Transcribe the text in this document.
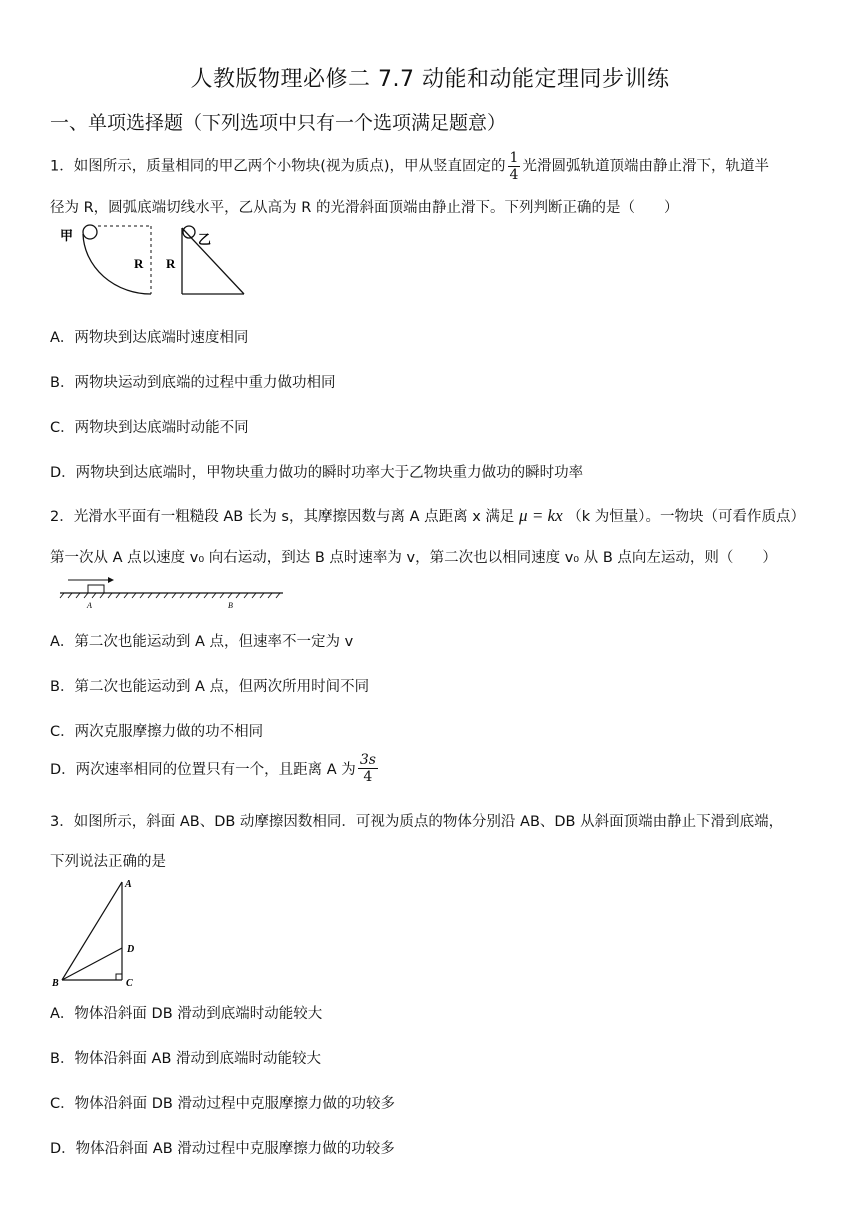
人教版物理必修二 7.7 动能和动能定理同步训练
一、单项选择题（下列选项中只有一个选项满足题意）
1．如图所示，质量相同的甲乙两个小物块(视为质点)，甲从竖直固定的 $\frac{1}{4}$ 光滑圆弧轨道顶端由静止滑下，轨道半
径为 R，圆弧底端切线水平，乙从高为 R 的光滑斜面顶端由静止滑下。下列判断正确的是（　　）
甲
R R
乙
A．两物块到达底端时速度相同
B．两物块运动到底端的过程中重力做功相同
C．两物块到达底端时动能不同
D．两物块到达底端时，甲物块重力做功的瞬时功率大于乙物块重力做功的瞬时功率
2．光滑水平面有一粗糙段 AB 长为 s，其摩擦因数与离 A 点距离 x 满足 μ = kx （k 为恒量）。一物块（可看作质点）
第一次从 A 点以速度 v₀ 向右运动，到达 B 点时速率为 v，第二次也以相同速度 v₀ 从 B 点向左运动，则（　　）
A	B
A．第二次也能运动到 A 点，但速率不一定为 v
B．第二次也能运动到 A 点，但两次所用时间不同
C．两次克服摩擦力做的功不相同
D．两次速率相同的位置只有一个，且距离 A 为 $\frac{3s}{4}$
3．如图所示，斜面 AB、DB 动摩擦因数相同．可视为质点的物体分别沿 AB、DB 从斜面顶端由静止下滑到底端，
下列说法正确的是
A
D
B	C
A．物体沿斜面 DB 滑动到底端时动能较大
B．物体沿斜面 AB 滑动到底端时动能较大
C．物体沿斜面 DB 滑动过程中克服摩擦力做的功较多
D．物体沿斜面 AB 滑动过程中克服摩擦力做的功较多
